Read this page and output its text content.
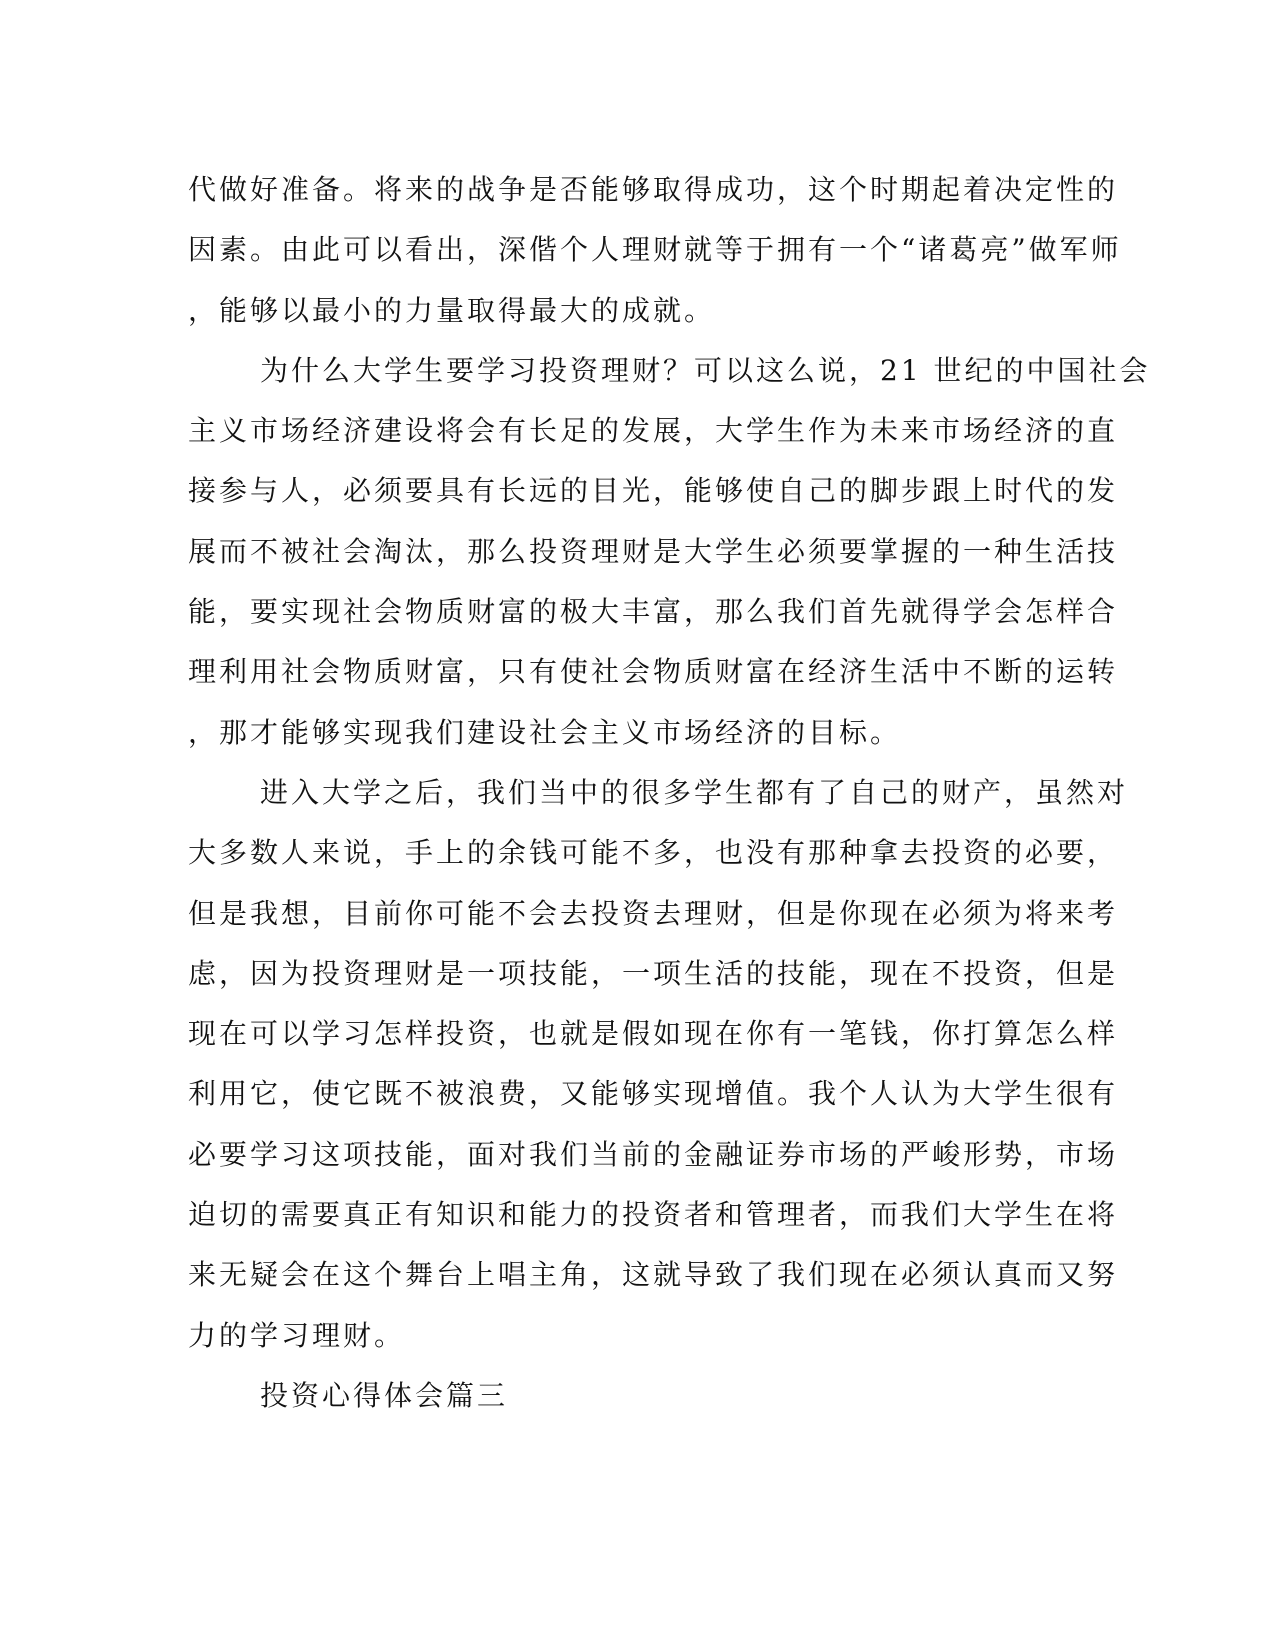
代做好准备。将来的战争是否能够取得成功，这个时期起着决定性的
因素。由此可以看出，深偕个人理财就等于拥有一个“诸葛亮”做军师
，能够以最小的力量取得最大的成就。
为什么大学生要学习投资理财？可以这么说，21 世纪的中国社会
主义市场经济建设将会有长足的发展，大学生作为未来市场经济的直
接参与人，必须要具有长远的目光，能够使自己的脚步跟上时代的发
展而不被社会淘汰，那么投资理财是大学生必须要掌握的一种生活技
能，要实现社会物质财富的极大丰富，那么我们首先就得学会怎样合
理利用社会物质财富，只有使社会物质财富在经济生活中不断的运转
，那才能够实现我们建设社会主义市场经济的目标。
进入大学之后，我们当中的很多学生都有了自己的财产，虽然对
大多数人来说，手上的余钱可能不多，也没有那种拿去投资的必要，
但是我想，目前你可能不会去投资去理财，但是你现在必须为将来考
虑，因为投资理财是一项技能，一项生活的技能，现在不投资，但是
现在可以学习怎样投资，也就是假如现在你有一笔钱，你打算怎么样
利用它，使它既不被浪费，又能够实现增值。我个人认为大学生很有
必要学习这项技能，面对我们当前的金融证券市场的严峻形势，市场
迫切的需要真正有知识和能力的投资者和管理者，而我们大学生在将
来无疑会在这个舞台上唱主角，这就导致了我们现在必须认真而又努
力的学习理财。
投资心得体会篇三
